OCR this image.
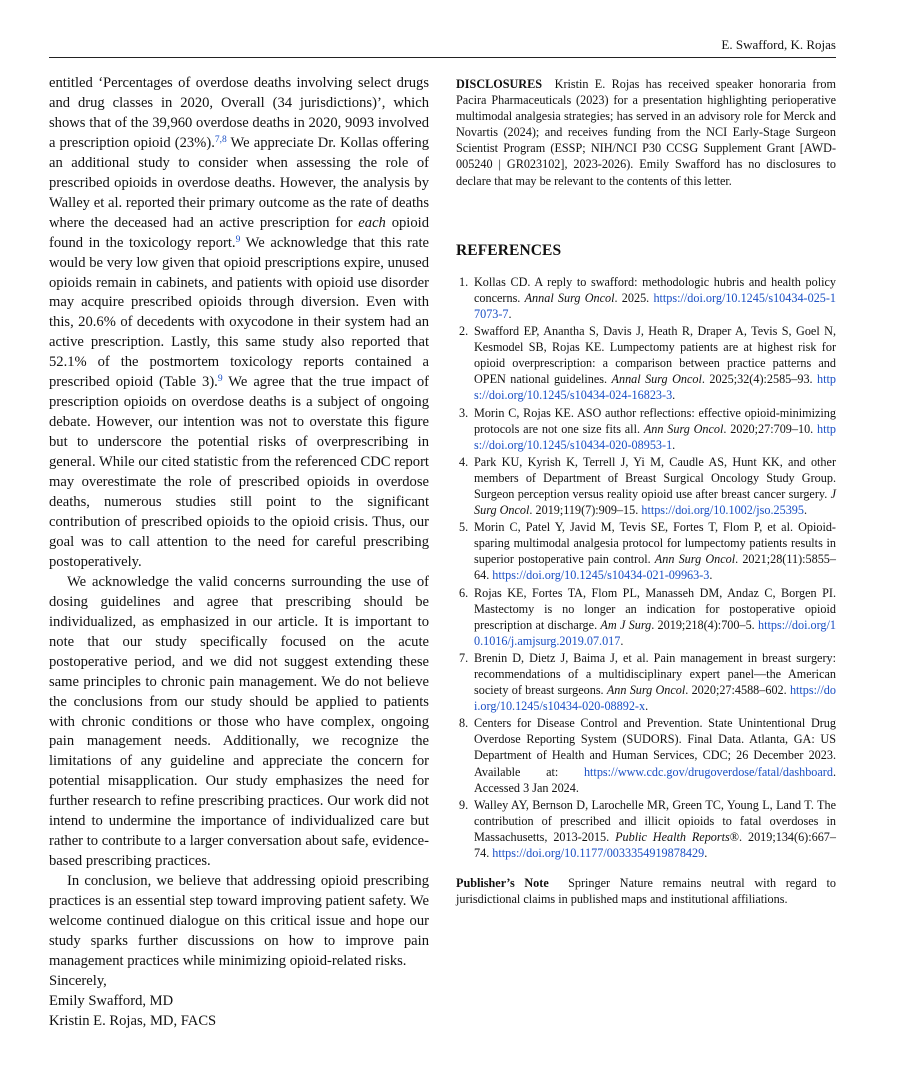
E. Swafford, K. Rojas

entitled ‘Percentages of overdose deaths involving select drugs and drug classes in 2020, Overall (34 jurisdictions)’, which shows that of the 39,960 overdose deaths in 2020, 9093 involved a prescription opioid (23%).$^{7,8}$ We appreciate Dr. Kollas offering an additional study to consider when assessing the role of prescribed opioids in overdose deaths. However, the analysis by Walley et al. reported their primary outcome as the rate of deaths where the deceased had an active prescription for each opioid found in the toxicology report.$^9$ We acknowledge that this rate would be very low given that opioid prescriptions expire, unused opioids remain in cabinets, and patients with opioid use disorder may acquire prescribed opioids through diversion. Even with this, 20.6% of decedents with oxycodone in their system had an active prescription. Lastly, this same study also reported that 52.1% of the postmortem toxicology reports contained a prescribed opioid (Table 3).$^9$ We agree that the true impact of prescription opioids on overdose deaths is a subject of ongoing debate. However, our intention was not to overstate this figure but to underscore the potential risks of overprescribing in general. While our cited statistic from the referenced CDC report may overestimate the role of prescribed opioids in overdose deaths, numerous studies still point to the significant contribution of prescribed opioids to the opioid crisis. Thus, our goal was to call attention to the need for careful prescribing postoperatively.

We acknowledge the valid concerns surrounding the use of dosing guidelines and agree that prescribing should be individualized, as emphasized in our article. It is important to note that our study specifically focused on the acute postoperative period, and we did not suggest extending these same principles to chronic pain management. We do not believe the conclusions from our study should be applied to patients with chronic conditions or those who have complex, ongoing pain management needs. Additionally, we recognize the limitations of any guideline and appreciate the concern for potential misapplication. Our study emphasizes the need for further research to refine prescribing practices. Our work did not intend to undermine the importance of individualized care but rather to contribute to a larger conversation about safe, evidence-based prescribing practices.

In conclusion, we believe that addressing opioid prescribing practices is an essential step toward improving patient safety. We welcome continued dialogue on this critical issue and hope our study sparks further discussions on how to improve pain management practices while minimizing opioid-related risks.

Sincerely,

Emily Swafford, MD

Kristin E. Rojas, MD, FACS

DISCLOSURES Kristin E. Rojas has received speaker honoraria from Pacira Pharmaceuticals (2023) for a presentation highlighting perioperative multimodal analgesia strategies; has served in an advisory role for Merck and Novartis (2024); and receives funding from the NCI Early-Stage Surgeon Scientist Program (ESSP; NIH/NCI P30 CCSG Supplement Grant [AWD-005240 | GR023102], 2023-2026). Emily Swafford has no disclosures to declare that may be relevant to the contents of this letter.
REFERENCES
1. Kollas CD. A reply to swafford: methodologic hubris and health policy concerns. Annal Surg Oncol. 2025. https://doi.org/10.1245/s10434-025-17073-7.
2. Swafford EP, Anantha S, Davis J, Heath R, Draper A, Tevis S, Goel N, Kesmodel SB, Rojas KE. Lumpectomy patients are at highest risk for opioid overprescription: a comparison between practice patterns and OPEN national guidelines. Annal Surg Oncol. 2025;32(4):2585–93. https://doi.org/10.1245/s10434-024-16823-3.
3. Morin C, Rojas KE. ASO author reflections: effective opioid-minimizing protocols are not one size fits all. Ann Surg Oncol. 2020;27:709–10. https://doi.org/10.1245/s10434-020-08953-1.
4. Park KU, Kyrish K, Terrell J, Yi M, Caudle AS, Hunt KK, and other members of Department of Breast Surgical Oncology Study Group. Surgeon perception versus reality opioid use after breast cancer surgery. J Surg Oncol. 2019;119(7):909–15. https://doi.org/10.1002/jso.25395.
5. Morin C, Patel Y, Javid M, Tevis SE, Fortes T, Flom P, et al. Opioid-sparing multimodal analgesia protocol for lumpectomy patients results in superior postoperative pain control. Ann Surg Oncol. 2021;28(11):5855–64. https://doi.org/10.1245/s10434-021-09963-3.
6. Rojas KE, Fortes TA, Flom PL, Manasseh DM, Andaz C, Borgen PI. Mastectomy is no longer an indication for postoperative opioid prescription at discharge. Am J Surg. 2019;218(4):700–5. https://doi.org/10.1016/j.amjsurg.2019.07.017.
7. Brenin D, Dietz J, Baima J, et al. Pain management in breast surgery: recommendations of a multidisciplinary expert panel—the American society of breast surgeons. Ann Surg Oncol. 2020;27:4588–602. https://doi.org/10.1245/s10434-020-08892-x.
8. Centers for Disease Control and Prevention. State Unintentional Drug Overdose Reporting System (SUDORS). Final Data. Atlanta, GA: US Department of Health and Human Services, CDC; 26 December 2023. Available at: https://www.cdc.gov/drugoverdose/fatal/dashboard. Accessed 3 Jan 2024.
9. Walley AY, Bernson D, Larochelle MR, Green TC, Young L, Land T. The contribution of prescribed and illicit opioids to fatal overdoses in Massachusetts, 2013-2015. Public Health Reports®. 2019;134(6):667–74. https://doi.org/10.1177/0033354919878429.
Publisher’s Note Springer Nature remains neutral with regard to jurisdictional claims in published maps and institutional affiliations.
